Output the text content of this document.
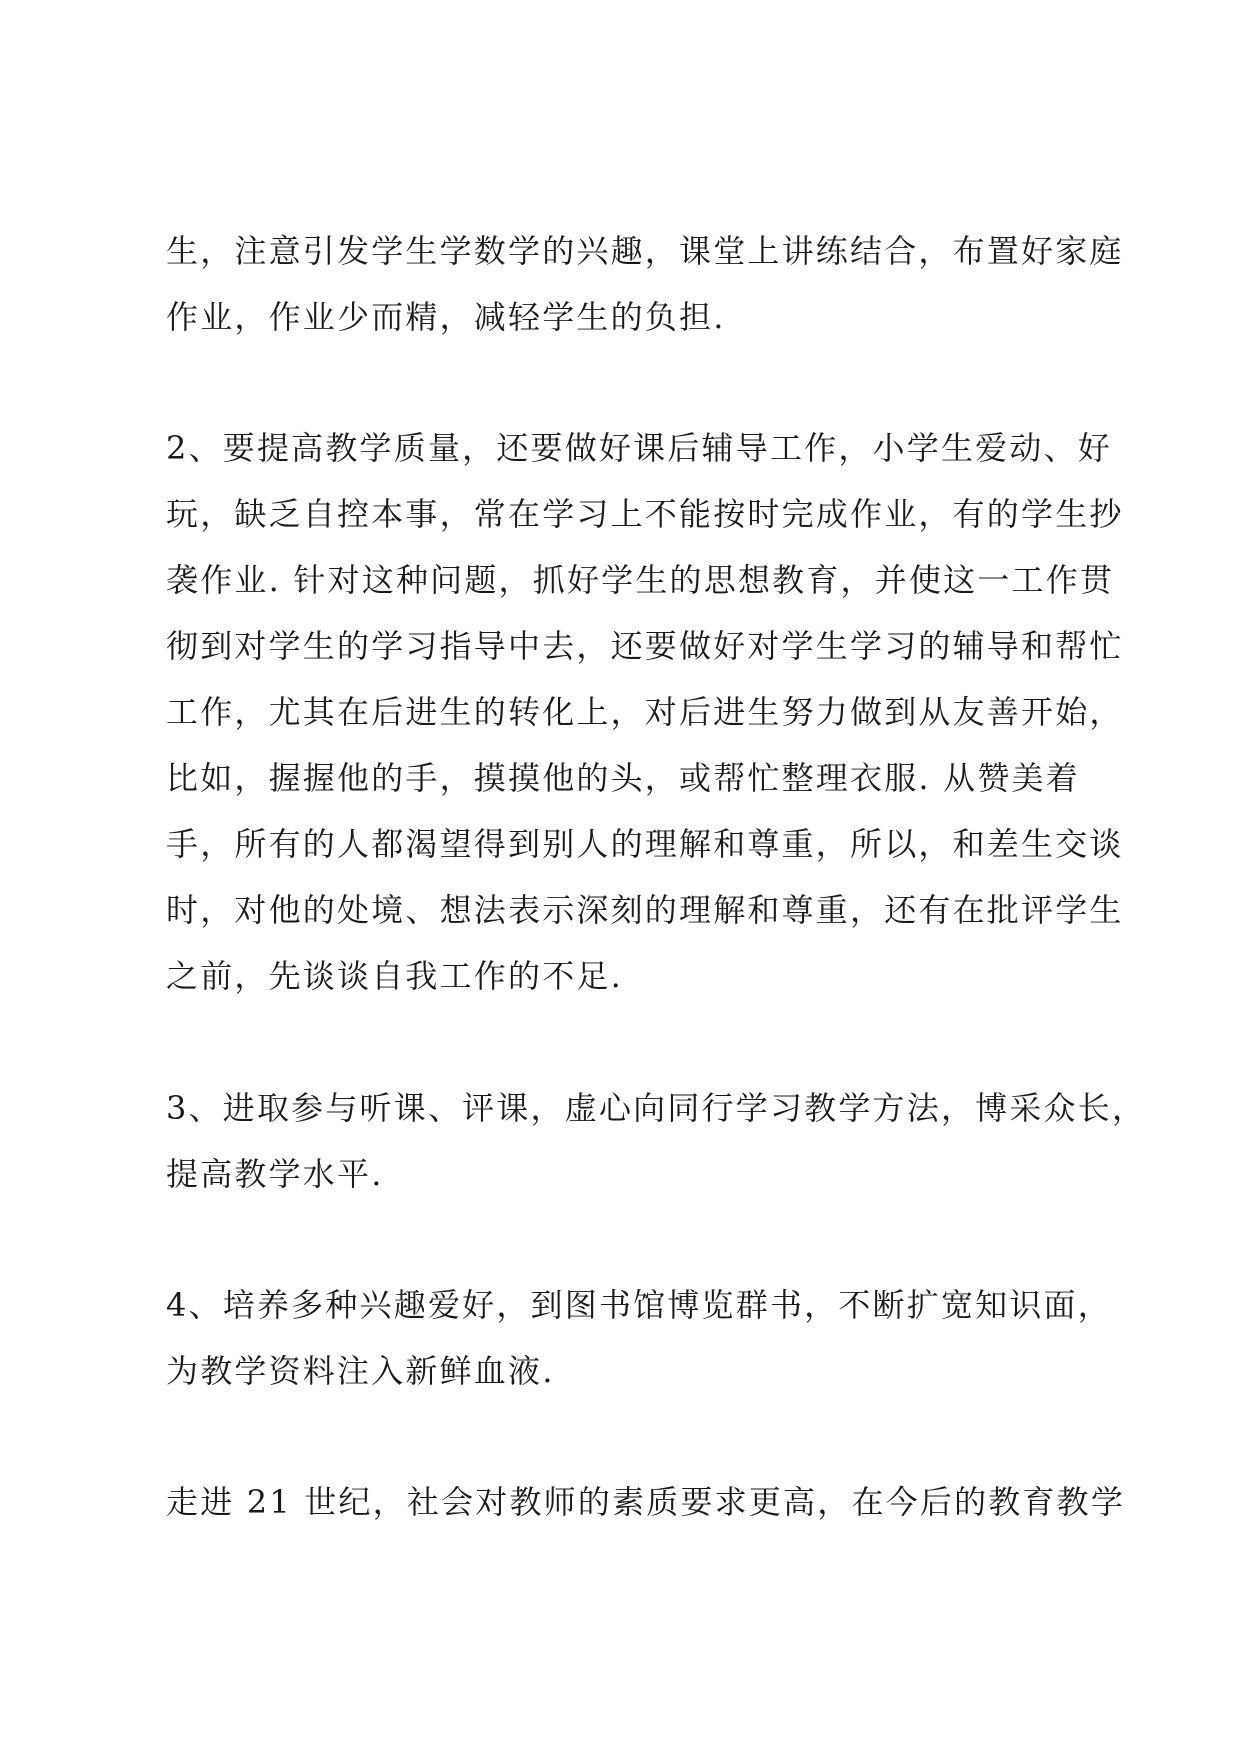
生，注意引发学生学数学的兴趣，课堂上讲练结合，布置好家庭
作业，作业少而精，减轻学生的负担.
2、要提高教学质量，还要做好课后辅导工作，小学生爱动、好
玩，缺乏自控本事，常在学习上不能按时完成作业，有的学生抄
袭作业. 针对这种问题，抓好学生的思想教育，并使这一工作贯
彻到对学生的学习指导中去，还要做好对学生学习的辅导和帮忙
工作，尤其在后进生的转化上，对后进生努力做到从友善开始，
比如，握握他的手，摸摸他的头，或帮忙整理衣服. 从赞美着
手，所有的人都渴望得到别人的理解和尊重，所以，和差生交谈
时，对他的处境、想法表示深刻的理解和尊重，还有在批评学生
之前，先谈谈自我工作的不足.
3、进取参与听课、评课，虚心向同行学习教学方法，博采众长，
提高教学水平.
4、培养多种兴趣爱好，到图书馆博览群书，不断扩宽知识面，
为教学资料注入新鲜血液.
走进 21 世纪，社会对教师的素质要求更高，在今后的教育教学
